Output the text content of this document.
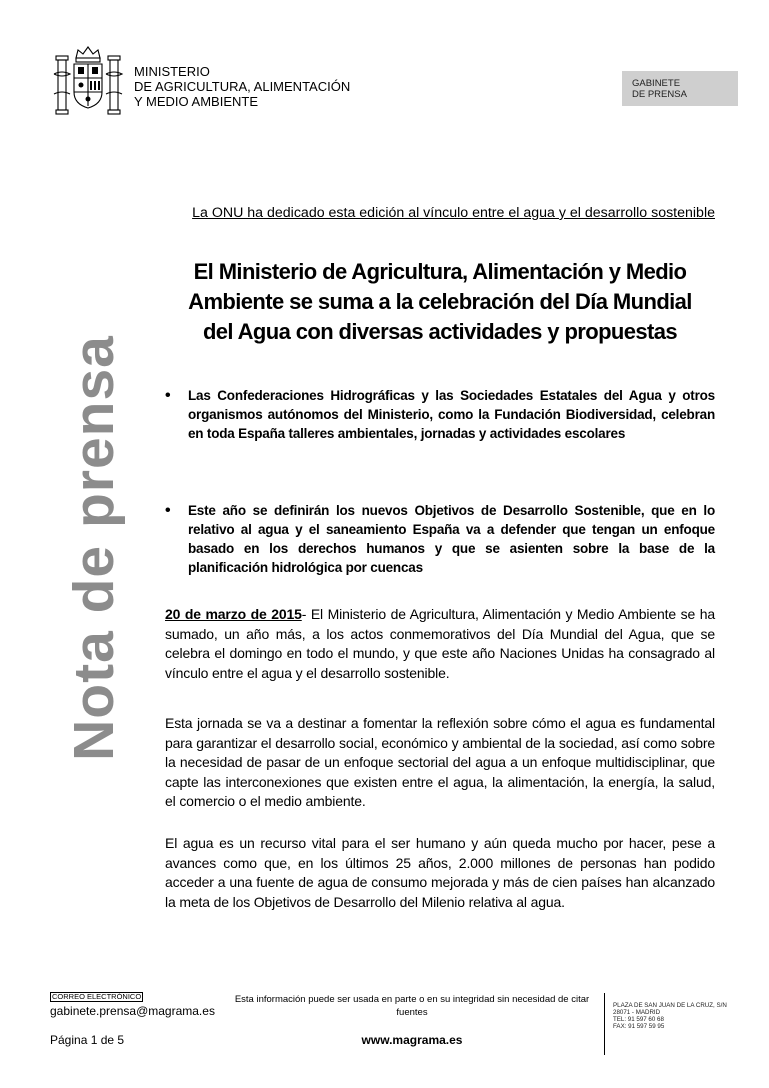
MINISTERIO
DE AGRICULTURA, ALIMENTACIÓN
Y MEDIO AMBIENTE
GABINETE
DE PRENSA
Nota de prensa
La ONU ha dedicado esta edición al vínculo entre el agua y el desarrollo sostenible
El Ministerio de Agricultura, Alimentación y Medio
Ambiente se suma a la celebración del Día Mundial
del Agua con diversas actividades y propuestas
• Las Confederaciones Hidrográficas y las Sociedades Estatales del Agua y otros organismos autónomos del Ministerio, como la Fundación Biodiversidad, celebran en toda España talleres ambientales, jornadas y actividades escolares
• Este año se definirán los nuevos Objetivos de Desarrollo Sostenible, que en lo relativo al agua y el saneamiento España va a defender que tengan un enfoque basado en los derechos humanos y que se asienten sobre la base de la planificación hidrológica por cuencas
20 de marzo de 2015- El Ministerio de Agricultura, Alimentación y Medio Ambiente se ha sumado, un año más, a los actos conmemorativos del Día Mundial del Agua, que se celebra el domingo en todo el mundo, y que este año Naciones Unidas ha consagrado al vínculo entre el agua y el desarrollo sostenible.
Esta jornada se va a destinar a fomentar la reflexión sobre cómo el agua es fundamental para garantizar el desarrollo social, económico y ambiental de la sociedad, así como sobre la necesidad de pasar de un enfoque sectorial del agua a un enfoque multidisciplinar, que capte las interconexiones que existen entre el agua, la alimentación, la energía, la salud, el comercio o el medio ambiente.
El agua es un recurso vital para el ser humano y aún queda mucho por hacer, pese a avances como que, en los últimos 25 años, 2.000 millones de personas han podido acceder a una fuente de agua de consumo mejorada y más de cien países han alcanzado la meta de los Objetivos de Desarrollo del Milenio relativa al agua.
CORREO ELECTRÓNICO
gabinete.prensa@magrama.es
Esta información puede ser usada en parte o en su integridad sin necesidad de citar fuentes
PLAZA DE SAN JUAN DE LA CRUZ, S/N
28071 - MADRID
TEL: 91 597 60 68
FAX: 91 597 59 95
Página 1 de 5	www.magrama.es
